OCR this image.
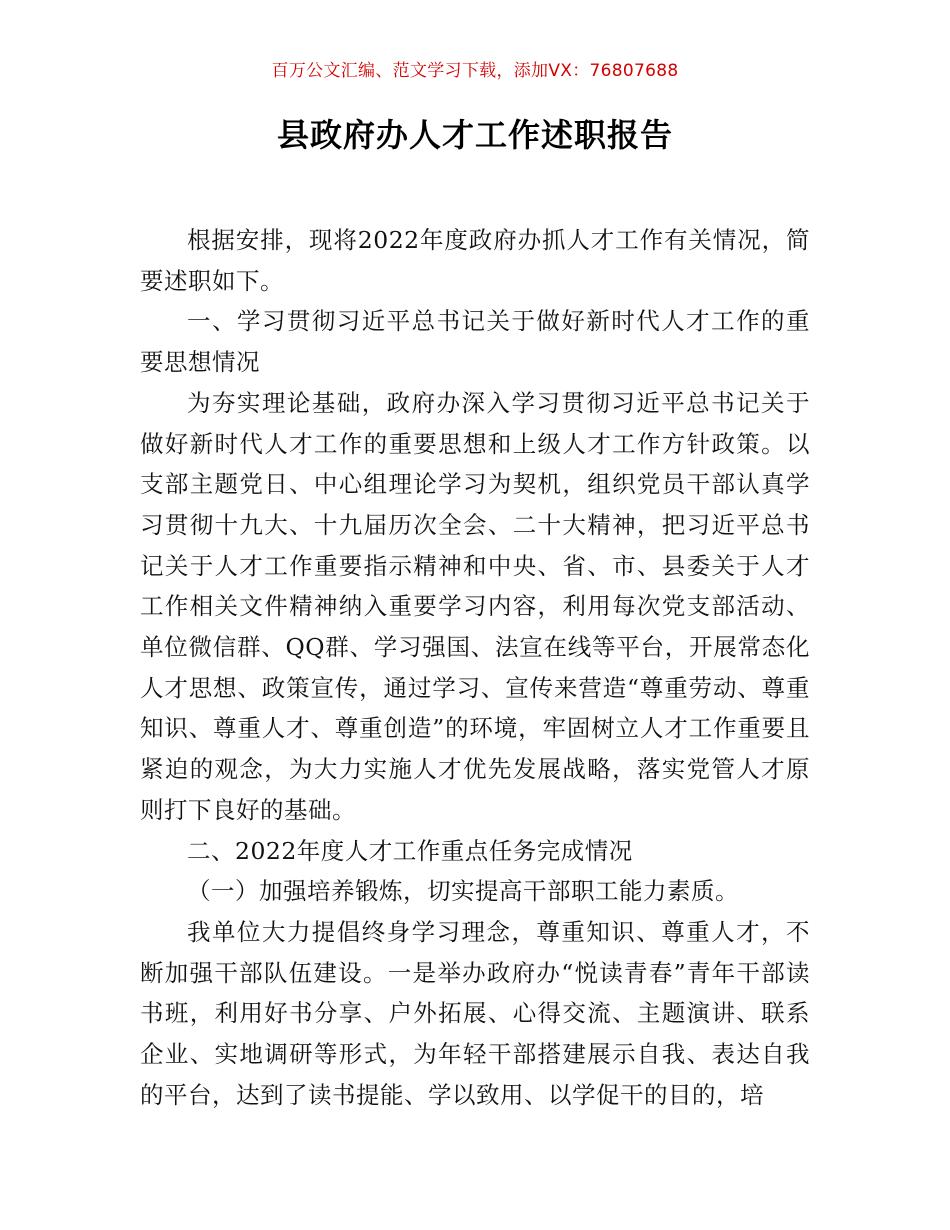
百万公文汇编、范文学习下载，添加VX：76807688
县政府办人才工作述职报告

根据安排，现将2022年度政府办抓人才工作有关情况，简要述职如下。

一、学习贯彻习近平总书记关于做好新时代人才工作的重要思想情况

为夯实理论基础，政府办深入学习贯彻习近平总书记关于做好新时代人才工作的重要思想和上级人才工作方针政策。以支部主题党日、中心组理论学习为契机，组织党员干部认真学习贯彻十九大、十九届历次全会、二十大精神，把习近平总书记关于人才工作重要指示精神和中央、省、市、县委关于人才工作相关文件精神纳入重要学习内容，利用每次党支部活动、单位微信群、QQ群、学习强国、法宣在线等平台，开展常态化人才思想、政策宣传，通过学习、宣传来营造“尊重劳动、尊重知识、尊重人才、尊重创造”的环境，牢固树立人才工作重要且紧迫的观念，为大力实施人才优先发展战略，落实党管人才原则打下良好的基础。

二、2022年度人才工作重点任务完成情况

（一）加强培养锻炼，切实提高干部职工能力素质。

我单位大力提倡终身学习理念，尊重知识、尊重人才，不断加强干部队伍建设。一是举办政府办“悦读青春”青年干部读书班，利用好书分享、户外拓展、心得交流、主题演讲、联系企业、实地调研等形式，为年轻干部搭建展示自我、表达自我的平台，达到了读书提能、学以致用、以学促干的目的，培
